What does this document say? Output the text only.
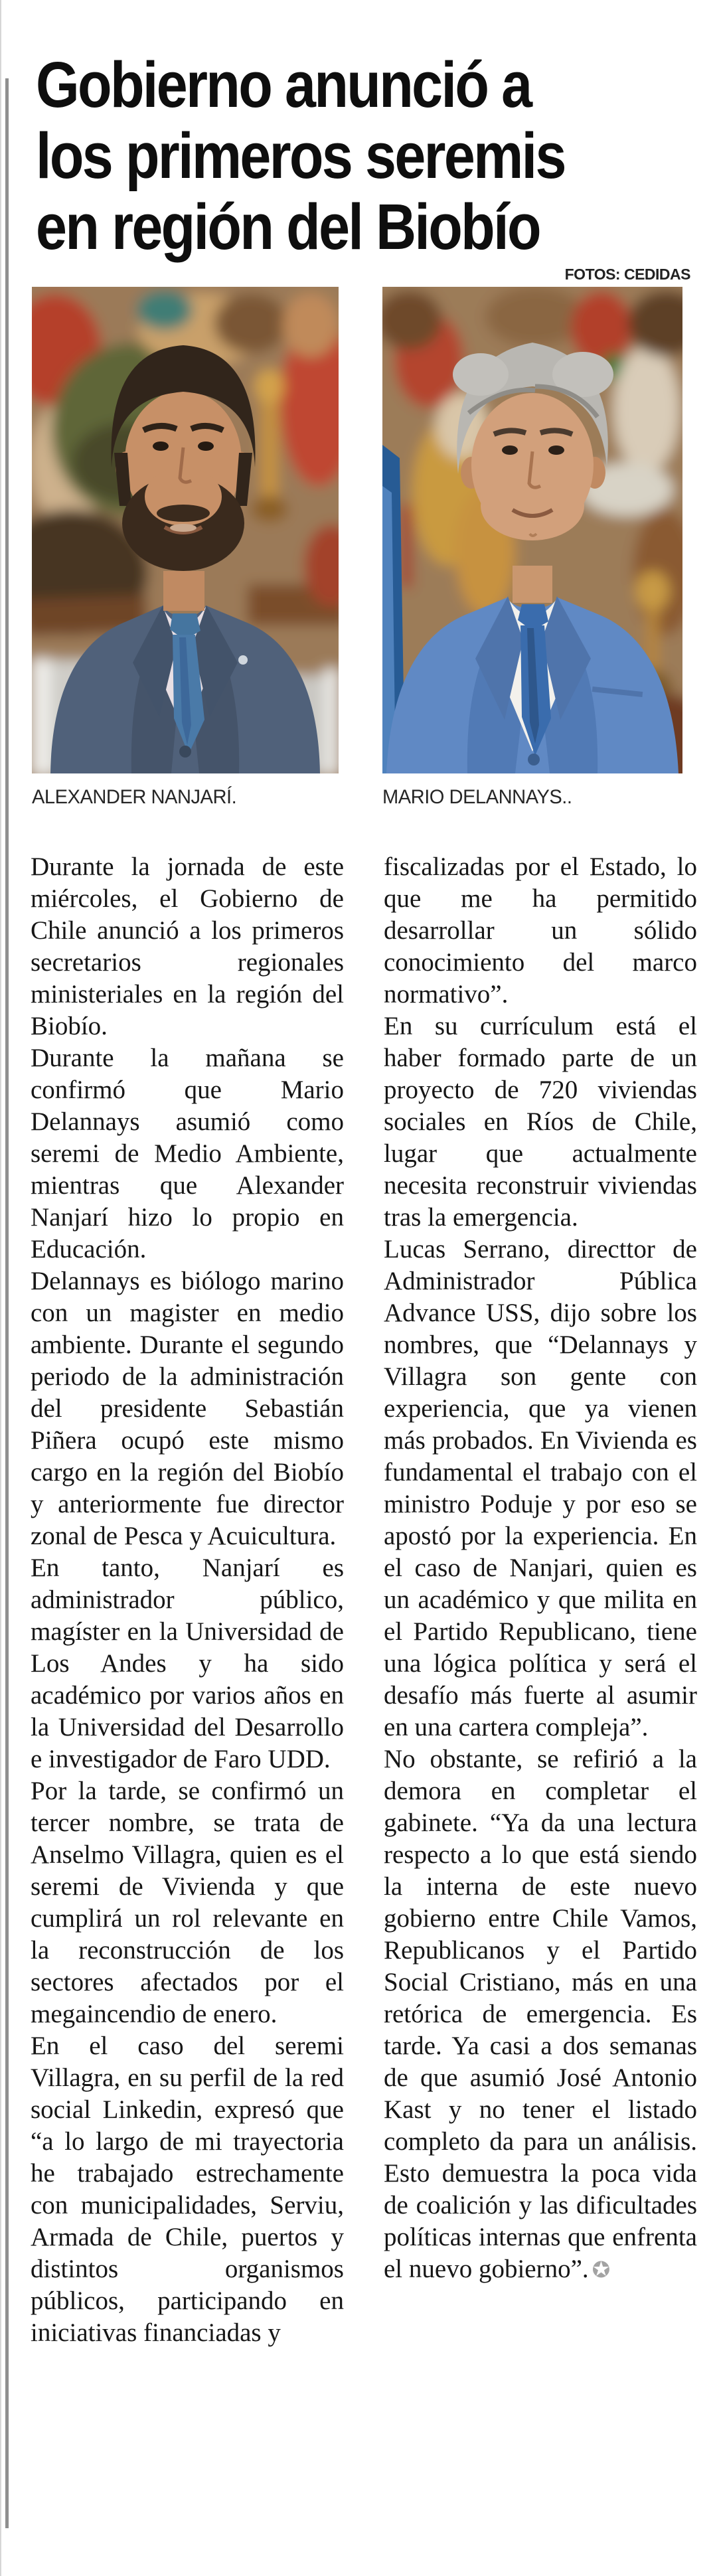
Gobierno anunció a
los primeros seremis
en región del Biobío
FOTOS: CEDIDAS
ALEXANDER NANJARÍ.	MARIO DELANNAYS..

Durante la jornada de este miércoles, el Gobierno de Chile anunció a los primeros secretarios regionales ministeriales en la región del Biobío.

Durante la mañana se confirmó que Mario Delannays asumió como seremi de Medio Ambiente, mientras que Alexander Nanjarí hizo lo propio en Educación.

Delannays es biólogo marino con un magister en medio ambiente. Durante el segundo periodo de la administración del presidente Sebastián Piñera ocupó este mismo cargo en la región del Biobío y anteriormente fue director zonal de Pesca y Acuicultura.

En tanto, Nanjarí es administrador público, magíster en la Universidad de Los Andes y ha sido académico por varios años en la Universidad del Desarrollo e investigador de Faro UDD.

Por la tarde, se confirmó un tercer nombre, se trata de Anselmo Villagra, quien es el seremi de Vivienda y que cumplirá un rol relevante en la reconstrucción de los sectores afectados por el megaincendio de enero.

En el caso del seremi Villagra, en su perfil de la red social Linkedin, expresó que “a lo largo de mi trayectoria he trabajado estrechamente con municipalidades, Serviu, Armada de Chile, puertos y distintos organismos públicos, participando en iniciativas financiadas y

fiscalizadas por el Estado, lo que me ha permitido desarrollar un sólido conocimiento del marco normativo”.

En su currículum está el haber formado parte de un proyecto de 720 viviendas sociales en Ríos de Chile, lugar que actualmente necesita reconstruir viviendas tras la emergencia.

Lucas Serrano, directtor de Administrador Pública Advance USS, dijo sobre los nombres, que “Delannays y Villagra son gente con experiencia, que ya vienen más probados. En Vivienda es fundamental el trabajo con el ministro Poduje y por eso se apostó por la experiencia. En el caso de Nanjari, quien es un académico y que milita en el Partido Republicano, tiene una lógica política y será el desafío más fuerte al asumir en una cartera compleja”.

No obstante, se refirió a la demora en completar el gabinete. “Ya da una lectura respecto a lo que está siendo la interna de este nuevo gobierno entre Chile Vamos, Republicanos y el Partido Social Cristiano, más en una retórica de emergencia. Es tarde. Ya casi a dos semanas de que asumió José Antonio Kast y no tener el listado completo da para un análisis. Esto demuestra la poca vida de coalición y las dificultades políticas internas que enfrenta el nuevo gobierno”. ✪
